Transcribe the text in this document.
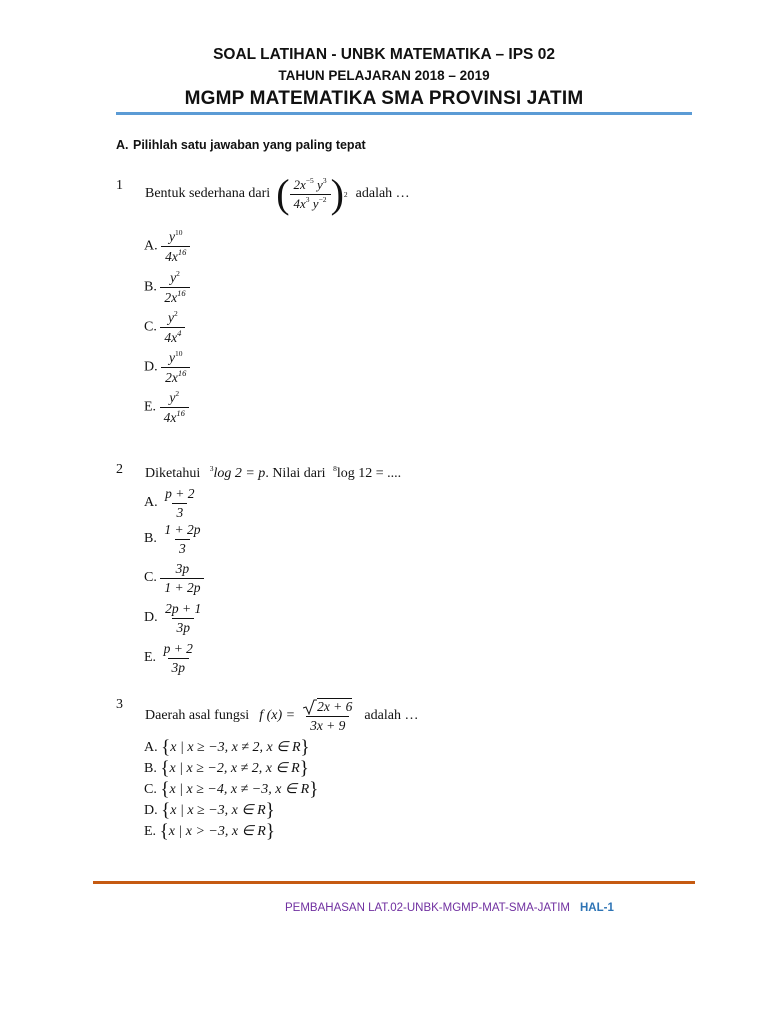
SOAL LATIHAN - UNBK MATEMATIKA – IPS 02
TAHUN PELAJARAN 2018 – 2019
MGMP MATEMATIKA SMA PROVINSI JATIM
A. Pilihlah satu jawaban yang paling tepat
1
Bentuk sederhana dari ( $\frac{2x^{-5} y^3}{4x^3 y^{-2}}$ ) 2 adalah …
A. $\frac{y^{10}}{4x^{16}}$
B. $\frac{y^2}{2x^{16}}$
C. $\frac{y^2}{4x^4}$
D. $\frac{y^{10}}{2x^{16}}$
E. $\frac{y^2}{4x^{16}}$
2 Diketahui $^3$log 2 = p. Nilai dari $^8$log 12 = ....
A. $\frac{p + 2}{3}$
B. $\frac{1 + 2p}{3}$
C. $\frac{3p}{1 + 2p}$
D. $\frac{2p + 1}{3p}$
E. $\frac{p + 2}{3p}$
3
Daerah asal fungsi f $(x) = \frac{2x + 6}{3x + 9}$ adalah …
A. {x | x ≥ −3, x ≠ 2, x ∈ R}
B. {x | x ≥ −2, x ≠ 2, x ∈ R}
C. {x | x ≥ −4, x ≠ −3, x ∈ R}
D. {x | x ≥ −3, x ∈ R}
E. {x | x > −3, x ∈ R}
PEMBAHASAN LAT.02-UNBK-MGMP-MAT-SMA-JATIM HAL-1
